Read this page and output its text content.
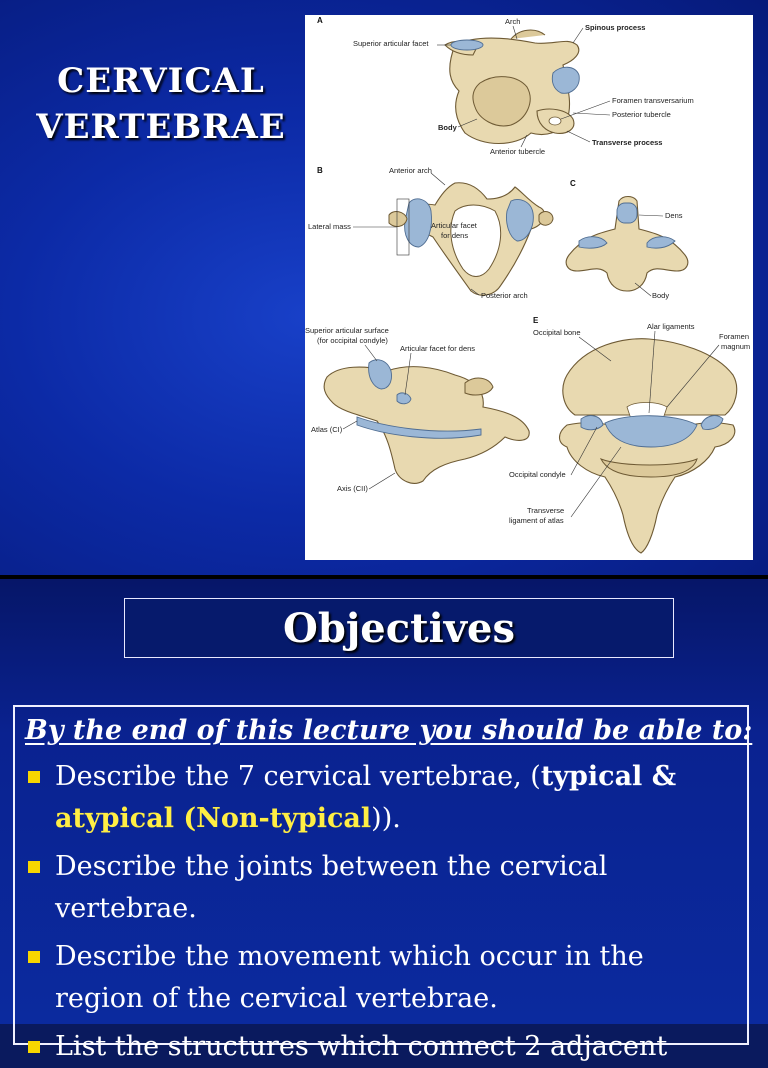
CERVICAL
VERTEBRAE
A
B
C
E
Arch
Spinous process
Superior articular facet
Foramen transversarium
Posterior tubercle
Body
Transverse process
Anterior tubercle
Anterior arch
Lateral mass	Articular facet
for dens
Posterior arch
Dens
Body
Superior articular surface
(for occipital condyle)
Articular facet for dens
Atlas (CI)
Axis (CII)
Occipital bone
Alar ligaments
Foramen
magnum
Occipital condyle
Transverse
ligament of atlas
Objectives
By the end of this lecture you should be able to:
Describe the 7 cervical vertebrae, (typical &
atypical (Non-typical)).
Describe the joints between the cervical vertebrae.
Describe the movement which occur in the region of the cervical vertebrae.
List the structures which connect 2 adjacent
